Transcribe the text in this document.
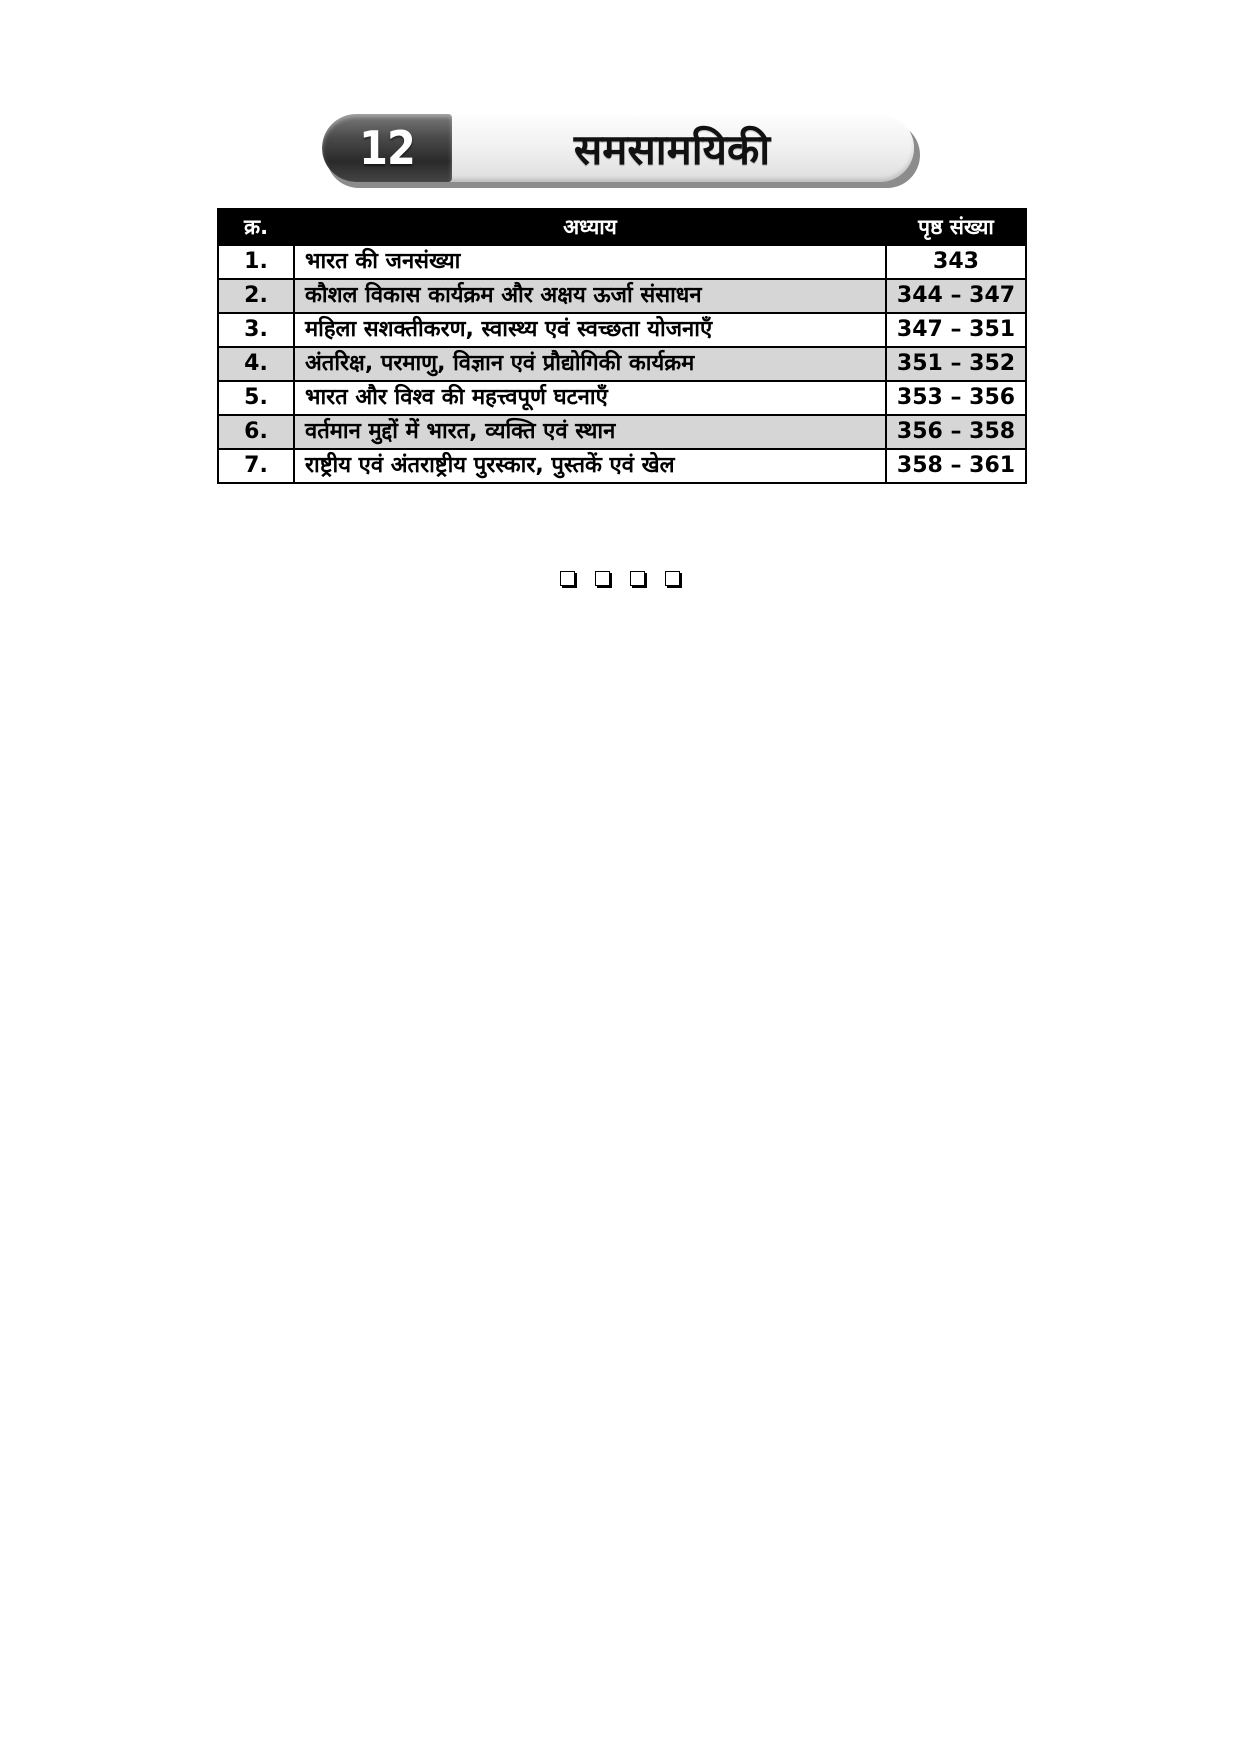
12	समसामयिकी
क्र.	अध्याय	पृष्ठ संख्या
1.	भारत की जनसंख्या	343
2.	कौशल विकास कार्यक्रम और अक्षय ऊर्जा संसाधन	344 – 347
3.	महिला सशक्तीकरण, स्वास्थ्य एवं स्वच्छता योजनाएँ	347 – 351
4.	अंतरिक्ष, परमाणु, विज्ञान एवं प्रौद्योगिकी कार्यक्रम	351 – 352
5.	भारत और विश्व की महत्त्वपूर्ण घटनाएँ	353 – 356
6.	वर्तमान मुद्दों में भारत, व्यक्ति एवं स्थान	356 – 358
7.	राष्ट्रीय एवं अंतराष्ट्रीय पुरस्कार, पुस्तकें एवं खेल	358 – 361
